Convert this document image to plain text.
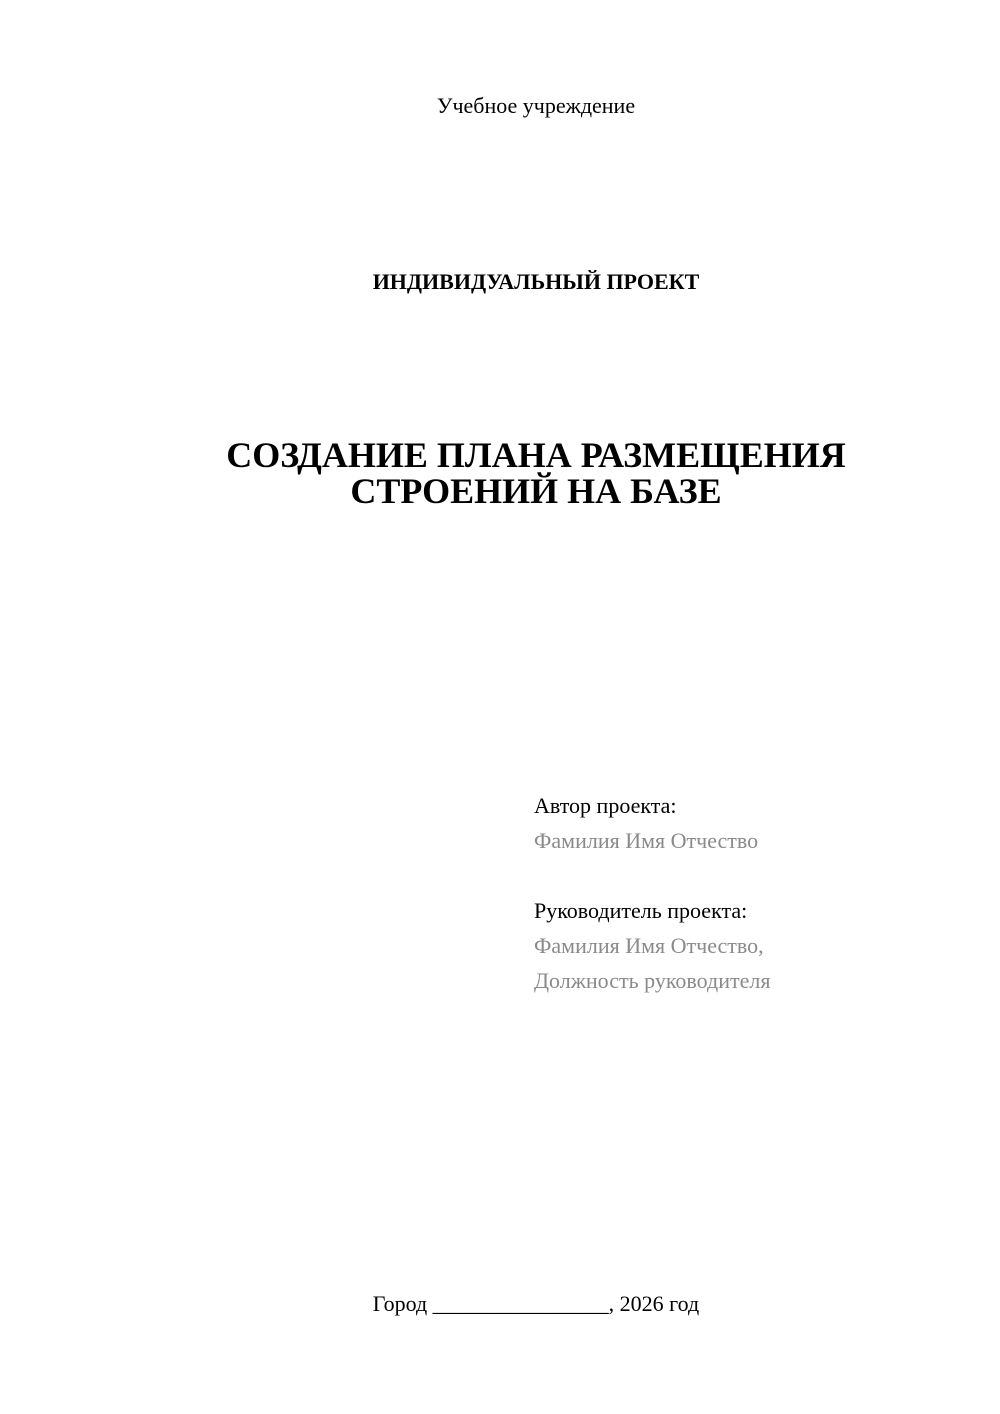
Учебное учреждение
ИНДИВИДУАЛЬНЫЙ ПРОЕКТ
СОЗДАНИЕ ПЛАНА РАЗМЕЩЕНИЯ
СТРОЕНИЙ НА БАЗЕ
Автор проекта:
Фамилия Имя Отчество
Руководитель проекта:
Фамилия Имя Отчество,
Должность руководителя
Город ________________, 2026 год
